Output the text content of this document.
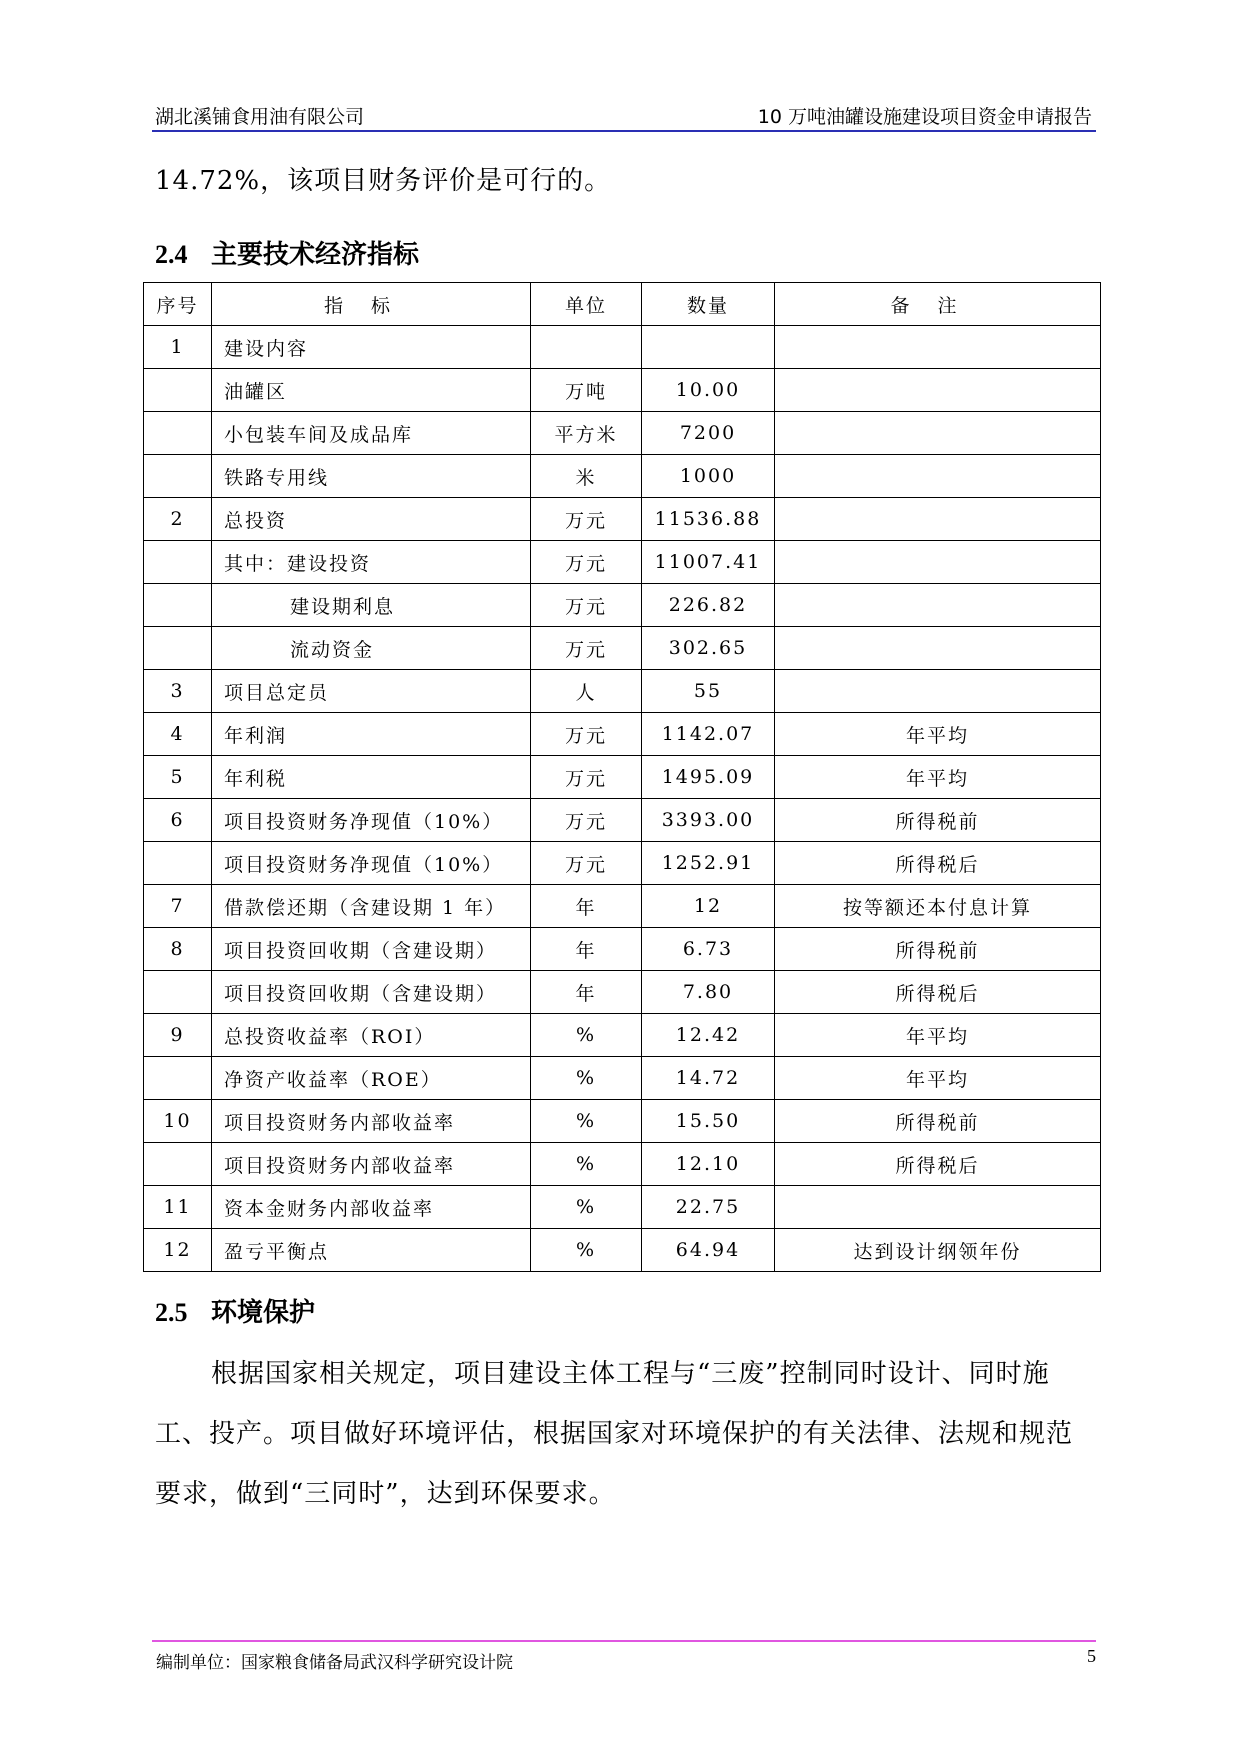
湖北溪铺食用油有限公司	10 万吨油罐设施建设项目资金申请报告
14.72%，该项目财务评价是可行的。
2.4 主要技术经济指标
序号	指标	单位	数量	备注
1	建设内容			
	油罐区	万吨	10.00	
	小包装车间及成品库	平方米	7200	
	铁路专用线	米	1000	
2	总投资	万元	11536.88	
	其中：建设投资	万元	11007.41	
	建设期利息	万元	226.82	
	流动资金	万元	302.65	
3	项目总定员	人	55	
4	年利润	万元	1142.07	年平均
5	年利税	万元	1495.09	年平均
6	项目投资财务净现值（10%）	万元	3393.00	所得税前
	项目投资财务净现值（10%）	万元	1252.91	所得税后
7	借款偿还期（含建设期 1 年）	年	12	按等额还本付息计算
8	项目投资回收期（含建设期）	年	6.73	所得税前
	项目投资回收期（含建设期）	年	7.80	所得税后
9	总投资收益率（ROI）	%	12.42	年平均
	净资产收益率（ROE）	%	14.72	年平均
10	项目投资财务内部收益率	%	15.50	所得税前
	项目投资财务内部收益率	%	12.10	所得税后
11	资本金财务内部收益率	%	22.75	
12	盈亏平衡点	%	64.94	达到设计纲领年份
2.5 环境保护

根据国家相关规定，项目建设主体工程与“三废”控制同时设计、同时施工、投产。项目做好环境评估，根据国家对环境保护的有关法律、法规和规范要求，做到“三同时”，达到环保要求。

编制单位：国家粮食储备局武汉科学研究设计院	5
